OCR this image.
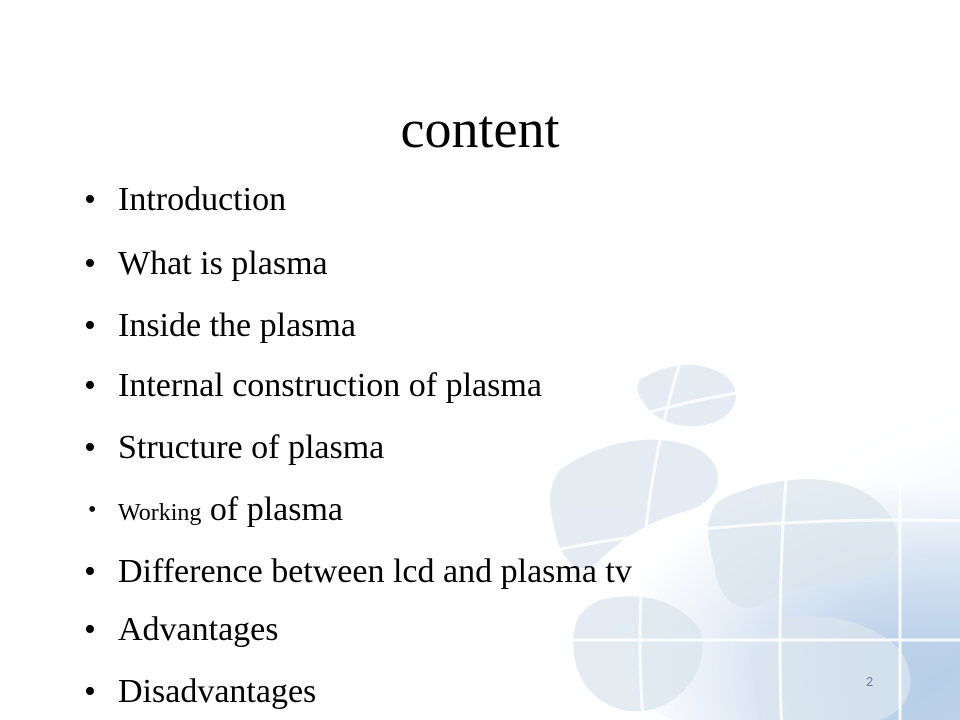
content
• Introduction
• What is plasma
• Inside the plasma
• Internal construction of plasma
• Structure of plasma
• Working of plasma
• Difference between lcd and plasma tv
• Advantages
• Disadvantages	2
